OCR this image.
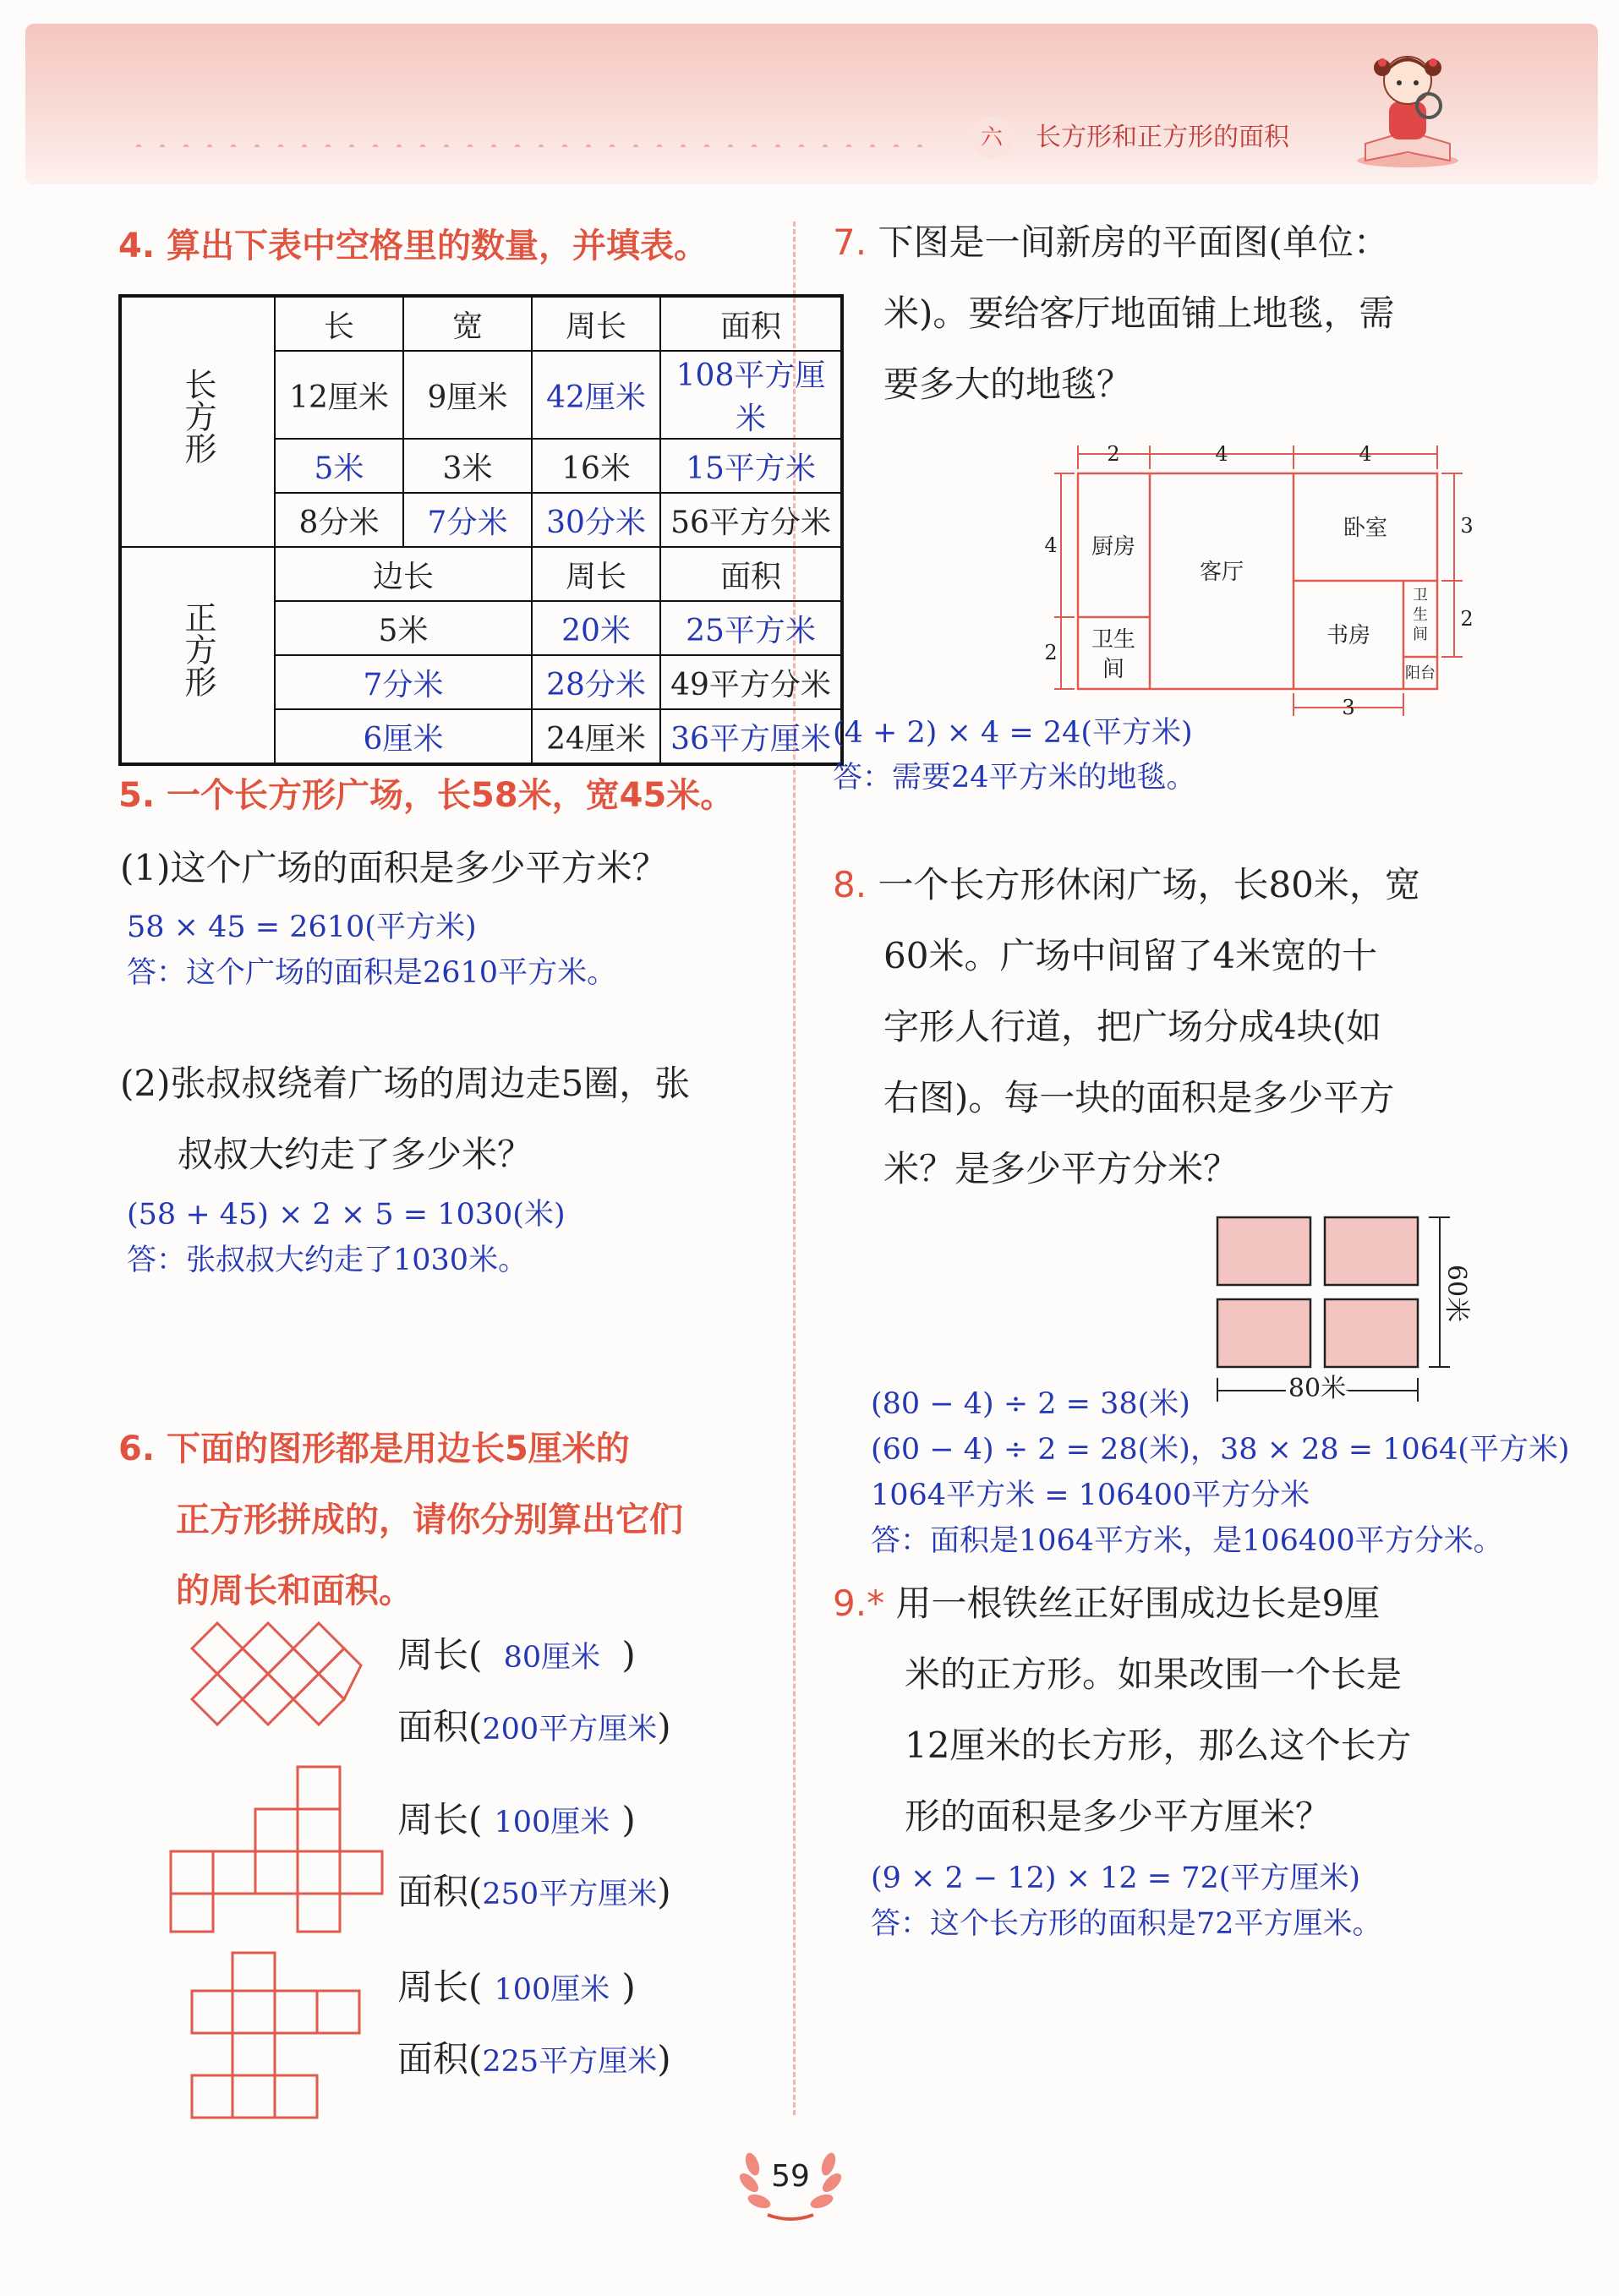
六	长方形和正方形的面积
4. 算出下表中空格里的数量，并填表。
长方形	长	宽	周长	面积
	12厘米	9厘米	42厘米	108平方厘米
	5米	3米	16米	15平方米
	8分米	7分米	30分米	56平方分米
正方形	边长		周长	面积
	5米		20米	25平方米
	7分米		28分米	49平方分米
	6厘米		24厘米	36平方厘米
5. 一个长方形广场，长58米，宽45米。
(1)这个广场的面积是多少平方米？
58 × 45 = 2610(平方米)
答：这个广场的面积是2610平方米。
(2)张叔叔绕着广场的周边走5圈，张
叔叔大约走了多少米？
(58 + 45) × 2 × 5 = 1030(米)
答：张叔叔大约走了1030米。
6. 下面的图形都是用边长5厘米的
正方形拼成的，请你分别算出它们
的周长和面积。
周长( 80厘米 )
面积(200平方厘米)
周长( 100厘米 )
面积(250平方厘米)
周长( 100厘米 )
面积(225平方厘米)
7. 下图是一间新房的平面图(单位：
米)。要给客厅地面铺上地毯，需
要多大的地毯？
2	4	4
4
2
3
2
3
厨房
客厅
卧室
卫生
间
书房
卫
生
间
阳台
(4 + 2) × 4 = 24(平方米)
答：需要24平方米的地毯。
8. 一个长方形休闲广场，长80米，宽
60米。广场中间留了4米宽的十
字形人行道，把广场分成4块(如
右图)。每一块的面积是多少平方
米？是多少平方分米？
80米
60米
(80 − 4) ÷ 2 = 38(米)
(60 − 4) ÷ 2 = 28(米)，38 × 28 = 1064(平方米)
1064平方米 = 106400平方分米
答：面积是1064平方米，是106400平方分米。
9.* 用一根铁丝正好围成边长是9厘
米的正方形。如果改围一个长是
12厘米的长方形，那么这个长方
形的面积是多少平方厘米？
(9 × 2 − 12) × 12 = 72(平方厘米)
答：这个长方形的面积是72平方厘米。
59
